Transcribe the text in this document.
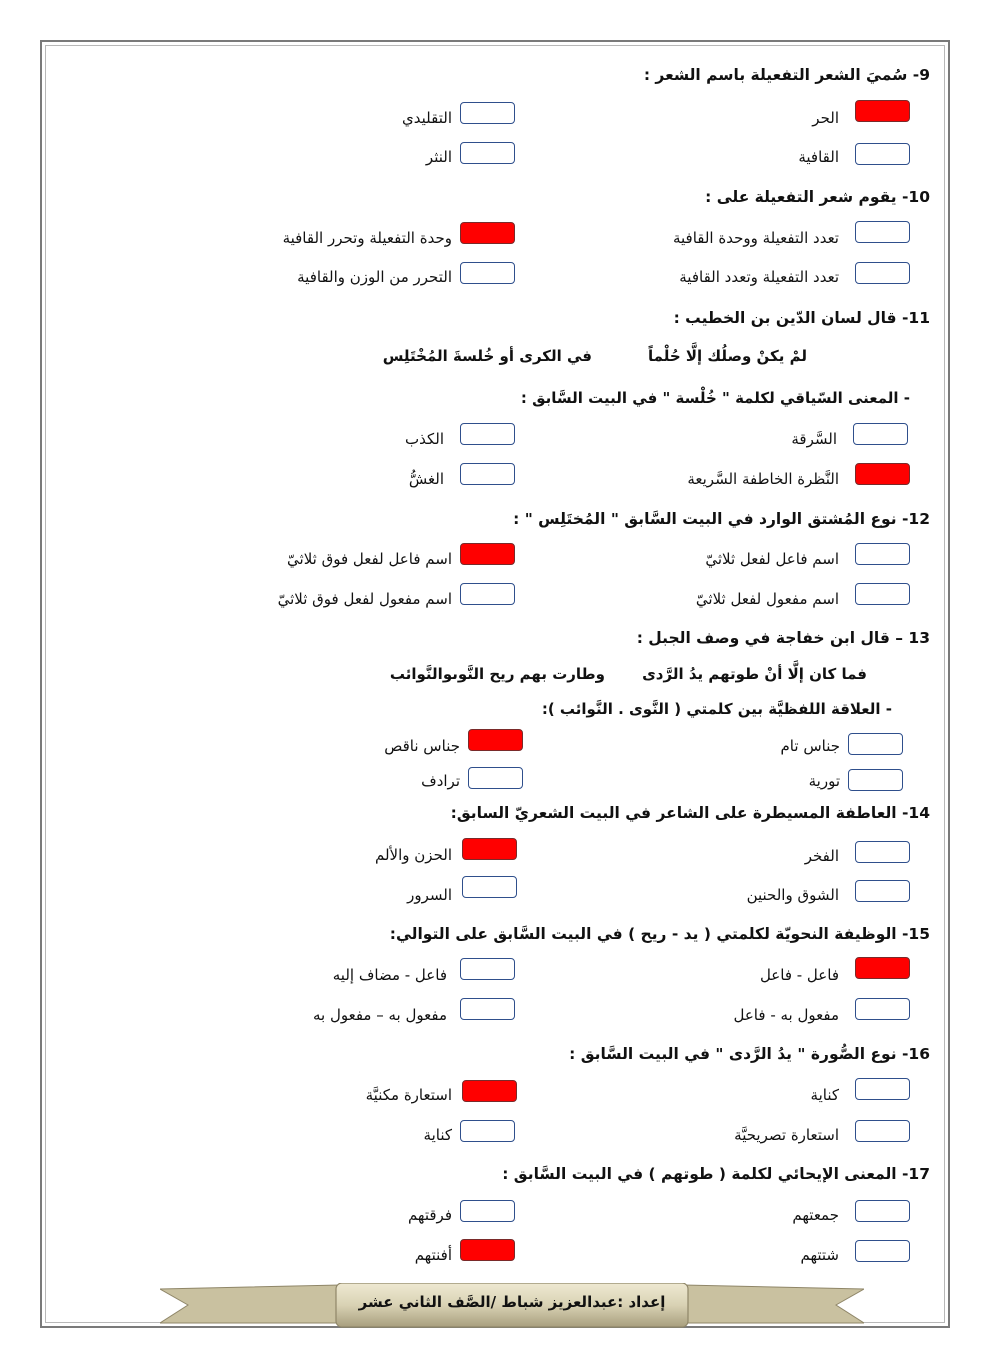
9- سُميَ الشعر التفعيلة باسم الشعر :
الحر
التقليدي
القافية
النثر
10- يقوم شعر التفعيلة على :
تعدد التفعيلة ووحدة القافية
وحدة التفعيلة وتحرر القافية
تعدد التفعيلة وتعدد القافية
التحرر من الوزن والقافية
11- قال لسان الدّين بن الخطيب :
لمْ يكنْ وصلُك إلَّا حُلْماً
في الكرى أو خُلسةَ المُخْتَلِس
- المعنى السّياقي لكلمة " خُلْسة " في البيت السَّابق :
السَّرقة
الكذب
النَّظرة الخاطفة السَّريعة
الغشُّ
12- نوع المُشتق الوارد في البيت السَّابق " المُختَلِس " :
اسم فاعل لفعل ثلاثيّ
اسم فاعل لفعل فوق ثلاثيّ
اسم مفعول لفعل ثلاثيّ
اسم مفعول لفعل فوق ثلاثيّ
13 – قال ابن خفاجة في وصف الجبل :
فما كان إلَّا أنْ طوتهم يدُ الرَّدى
وطارت بهم ريح النَّوىوالنَّوائب
- العلاقة اللفظيَّة بين كلمتي ( النَّوى . النَّوائب ):
جناس تام
جناس ناقص
تورية
ترادف
14- العاطفة المسيطرة على الشاعر في البيت الشعريّ السابق:
الفخر
الحزن والألم
الشوق والحنين
السرور
15- الوظيفة النحويّة لكلمتي ( يد - ريح ) في البيت السَّابق على التوالي:
فاعل - فاعل
فاعل - مضاف إليه
مفعول به - فاعل
مفعول به – مفعول به
16- نوع الصُّورة " يدُ الرَّدى " في البيت السَّابق :
كناية
استعارة مكنيَّة
استعارة تصريحيَّة
كناية
17- المعنى الإيحائي لكلمة ( طوتهم ) في البيت السَّابق :
جمعتهم
فرقتهم
شتتهم
أفنتهم
إعداد :عبدالعزيز شباط /الصَّف الثاني عشر
